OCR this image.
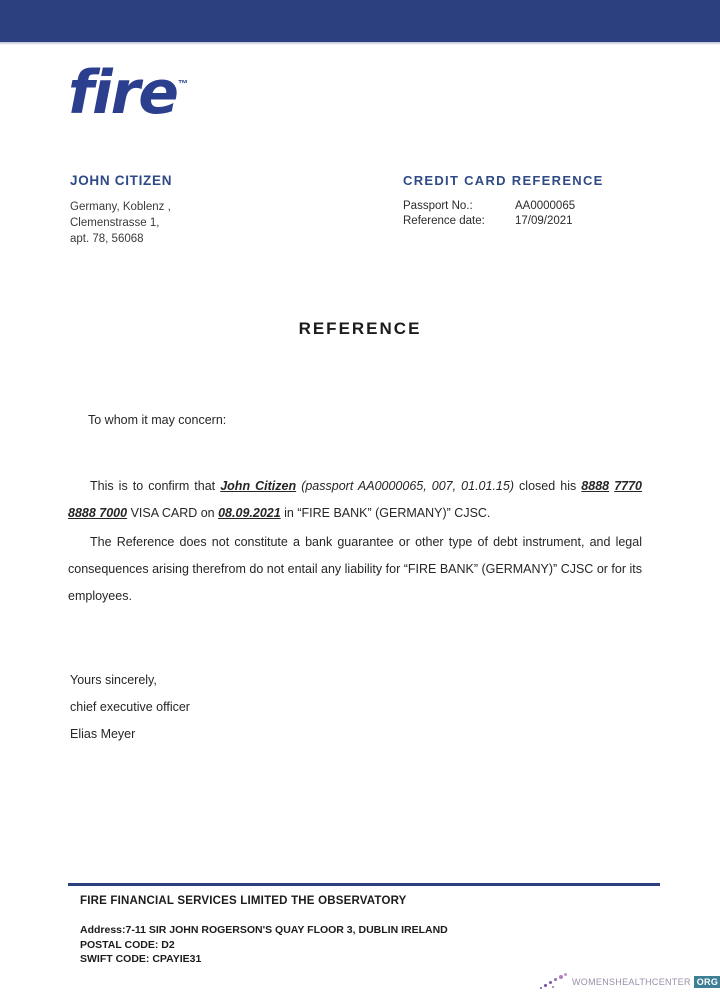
fire™
JOHN CITIZEN
Germany, Koblenz ,
Clemenstrasse 1,
apt. 78, 56068
CREDIT CARD REFERENCE
Passport No.:	AA0000065
Reference date:	17/09/2021
REFERENCE
To whom it may concern:

This is to confirm that John Citizen (passport AA0000065, 007, 01.01.15) closed his 8888 7770 8888 7000 VISA CARD on 08.09.2021 in “FIRE BANK” (GERMANY)” CJSC.

The Reference does not constitute a bank guarantee or other type of debt instrument, and legal consequences arising therefrom do not entail any liability for “FIRE BANK” (GERMANY)” CJSC or for its employees.

Yours sincerely,
chief executive officer
Elias Meyer
FIRE FINANCIAL SERVICES LIMITED THE OBSERVATORY
Address:7-11 SIR JOHN ROGERSON'S QUAY FLOOR 3, DUBLIN IRELAND
POSTAL CODE: D2
SWIFT CODE: CPAYIE31
WOMENSHEALTHCENTER ORG
